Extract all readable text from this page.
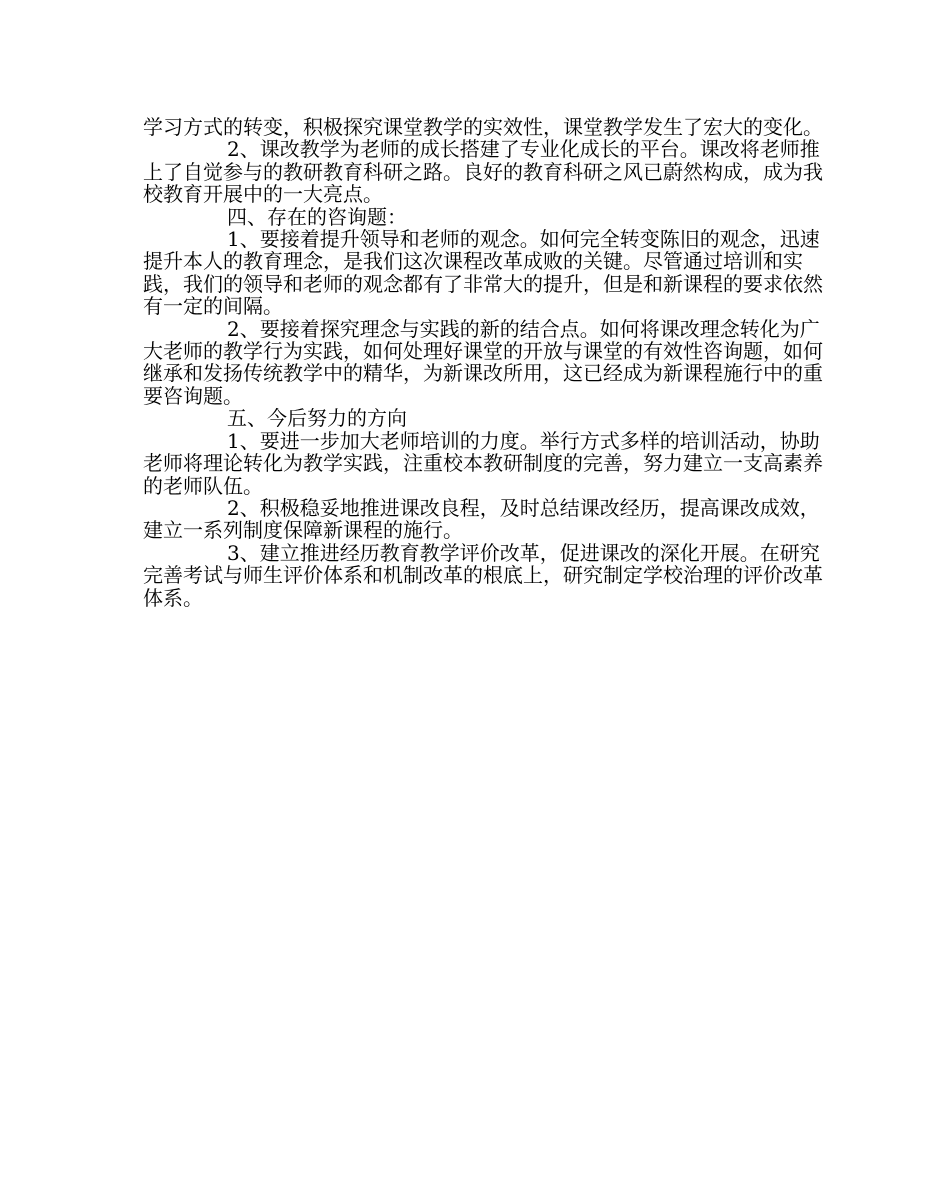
学习方式的转变，积极探究课堂教学的实效性，课堂教学发生了宏大的变化。

2、课改教学为老师的成长搭建了专业化成长的平台。课改将老师推上了自觉参与的教研教育科研之路。良好的教育科研之风已蔚然构成，成为我校教育开展中的一大亮点。

四、存在的咨询题：

1、要接着提升领导和老师的观念。如何完全转变陈旧的观念，迅速提升本人的教育理念，是我们这次课程改革成败的关键。尽管通过培训和实践，我们的领导和老师的观念都有了非常大的提升，但是和新课程的要求依然有一定的间隔。

2、要接着探究理念与实践的新的结合点。如何将课改理念转化为广大老师的教学行为实践，如何处理好课堂的开放与课堂的有效性咨询题，如何继承和发扬传统教学中的精华，为新课改所用，这已经成为新课程施行中的重要咨询题。

五、今后努力的方向

1、要进一步加大老师培训的力度。举行方式多样的培训活动，协助老师将理论转化为教学实践，注重校本教研制度的完善，努力建立一支高素养的老师队伍。

2、积极稳妥地推进课改良程，及时总结课改经历，提高课改成效，建立一系列制度保障新课程的施行。

3、建立推进经历教育教学评价改革，促进课改的深化开展。在研究完善考试与师生评价体系和机制改革的根底上，研究制定学校治理的评价改革体系。
